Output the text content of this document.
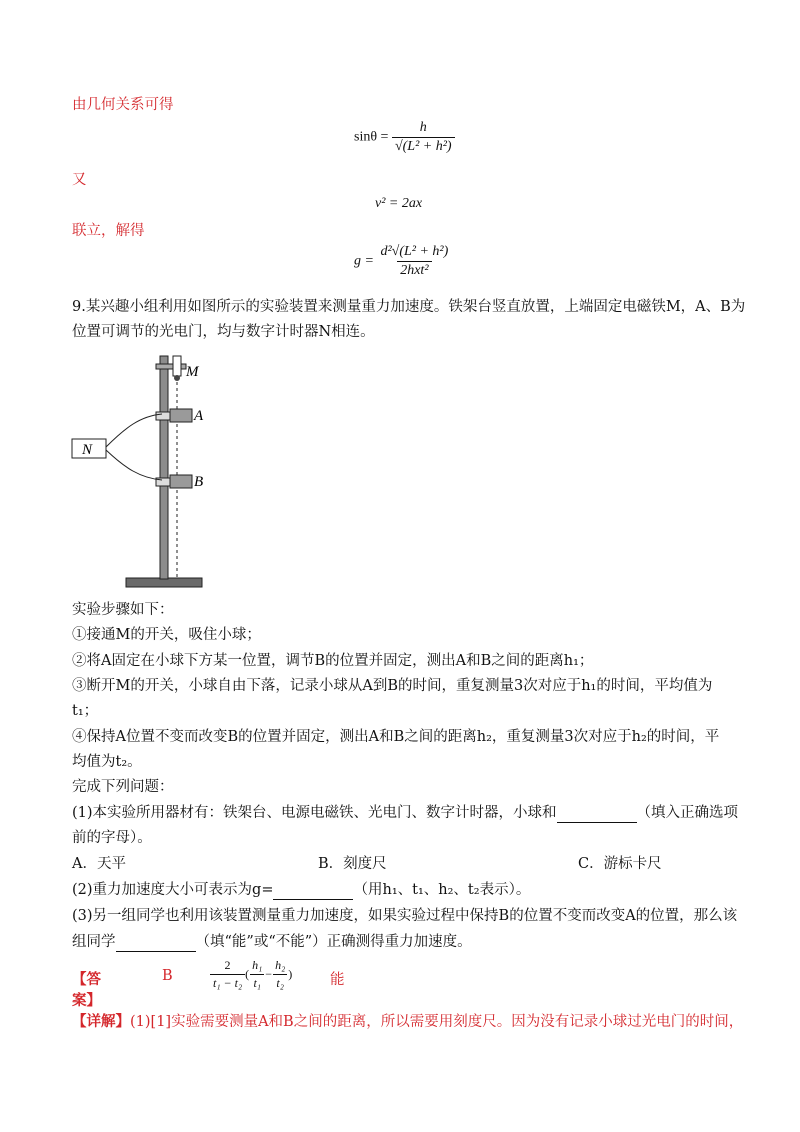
由几何关系可得
$\sin\theta = \frac{h}{\text{√(L² + h²)}}$
又
v² = 2ax
联立，解得
$g = \frac{\text{d²√(L² + h²)}}{\text{2hxt²}}$
9.某兴趣小组利用如图所示的实验装置来测量重力加速度。铁架台竖直放置，上端固定电磁铁M，A、B为
位置可调节的光电门，均与数字计时器N相连。
M
A
B
N
实验步骤如下：
①接通M的开关，吸住小球；
②将A固定在小球下方某一位置，调节B的位置并固定，测出A和B之间的距离h₁；
③断开M的开关，小球自由下落，记录小球从A到B的时间，重复测量3次对应于h₁的时间，平均值为
t₁；
④保持A位置不变而改变B的位置并固定，测出A和B之间的距离h₂，重复测量3次对应于h₂的时间，平
均值为t₂。
完成下列问题：
(1)本实验所用器材有：铁架台、电源电磁铁、光电门、数字计时器，小球和	（填入正确选项
前的字母）。
A．天平	B．刻度尺	C．游标卡尺
(2)重力加速度大小可表示为g=	（用h₁、t₁、h₂、t₂表示）。
(3)另一组同学也利用该装置测量重力加速度，如果实验过程中保持B的位置不变而改变A的位置，那么该
组同学	（填“能”或“不能”）正确测得重力加速度。
【答案】
B	$\frac{2}{\text{t₁ − t₂}}$ ( $\frac{\text{h₁}}{\text{t₁}} - \frac{\text{h₂}}{\text{t₂}}$ )	能
【详解】(1)[1]实验需要测量A和B之间的距离，所以需要用刻度尺。因为没有记录小球过光电门的时间，
